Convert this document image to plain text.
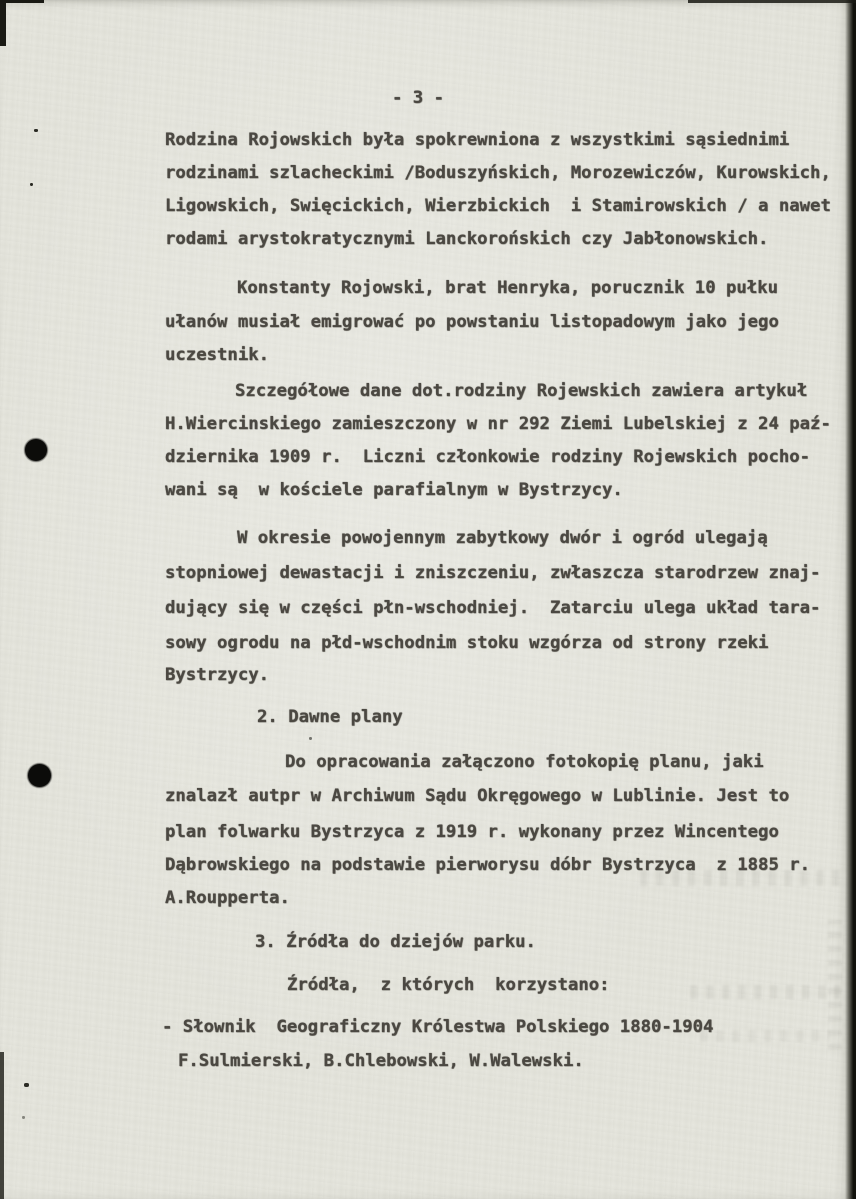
- 3 -
Rodzina Rojowskich była spokrewniona z wszystkimi sąsiednimi
rodzinami szlacheckimi /Boduszyńskich, Morozewiczów, Kurowskich,
Ligowskich, Swięcickich, Wierzbickich  i Stamirowskich / a nawet
rodami arystokratycznymi Lanckorońskich czy Jabłonowskich.
Konstanty Rojowski, brat Henryka, porucznik 10 pułku
ułanów musiał emigrować po powstaniu listopadowym jako jego
uczestnik.
Szczegółowe dane dot.rodziny Rojewskich zawiera artykuł
H.Wiercinskiego zamieszczony w nr 292 Ziemi Lubelskiej z 24 paź-
dziernika 1909 r.  Liczni członkowie rodziny Rojewskich pocho-
wani są  w kościele parafialnym w Bystrzycy.
W okresie powojennym zabytkowy dwór i ogród ulegają
stopniowej dewastacji i zniszczeniu, zwłaszcza starodrzew znaj-
dujący się w części płn-wschodniej.  Zatarciu ulega układ tara-
sowy ogrodu na płd-wschodnim stoku wzgórza od strony rzeki
Bystrzycy.
2. Dawne plany
Do opracowania załączono fotokopię planu, jaki
znalazł autpr w Archiwum Sądu Okręgowego w Lublinie. Jest to
plan folwarku Bystrzyca z 1919 r. wykonany przez Wincentego
Dąbrowskiego na podstawie pierworysu dóbr Bystrzyca  z 1885 r.
A.Roupperta.
3. Źródła do dziejów parku.
Źródła,  z których  korzystano:
- Słownik  Geograficzny Królestwa Polskiego 1880-1904
F.Sulmierski, B.Chlebowski, W.Walewski.
